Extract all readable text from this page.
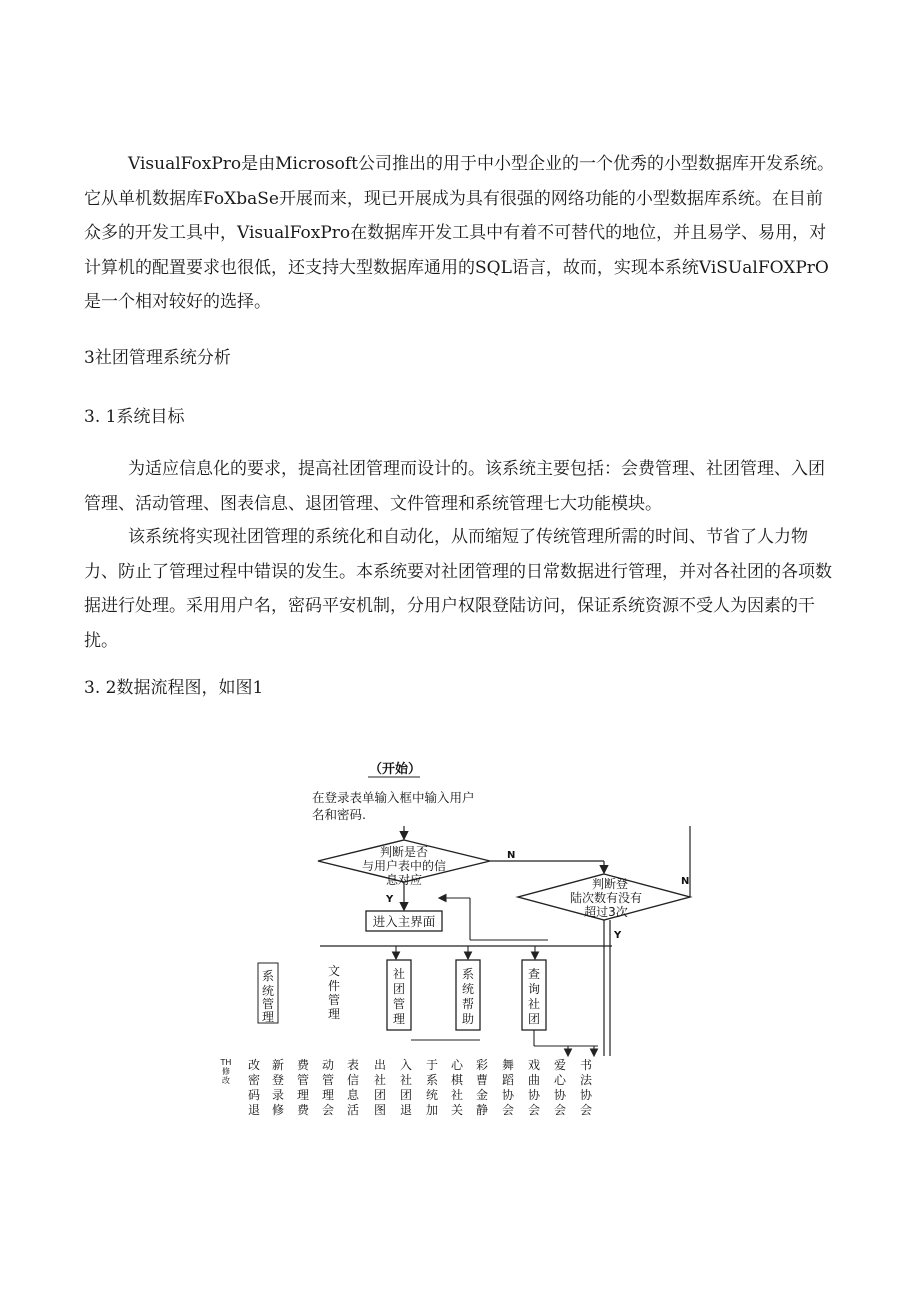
VisualFoxPro是由Microsoft公司推出的用于中小型企业的一个优秀的小型数据库开发系统。它从单机数据库FoXbaSe开展而来，现已开展成为具有很强的网络功能的小型数据库系统。在目前众多的开发工具中，VisualFoxPro在数据库开发工具中有着不可替代的地位，并且易学、易用，对计算机的配置要求也很低，还支持大型数据库通用的SQL语言，故而，实现本系统ViSUalFOXPrO是一个相对较好的选择。

3社团管理系统分析

3. 1系统目标

为适应信息化的要求，提高社团管理而设计的。该系统主要包括：会费管理、社团管理、入团管理、活动管理、图表信息、退团管理、文件管理和系统管理七大功能模块。

该系统将实现社团管理的系统化和自动化，从而缩短了传统管理所需的时间、节省了人力物力、防止了管理过程中错误的发生。本系统要对社团管理的日常数据进行管理，并对各社团的各项数据进行处理。采用用户名，密码平安机制，分用户权限登陆访问，保证系统资源不受人为因素的干扰。

3. 2数据流程图，如图1

（开始）
在登录表单输入框中输入用户
名和密码.
判断是否
与用户表中的信
息对应
N
判断登
陆次数有没有
超过3次
N
Y
Y
进入主界面
系
统
管
理
文
件
管
理
社
团
管
理
系
统
帮
助
查
询
社
团
TH修改
改密码退
新登录修
费管理费
动管理会
表信息活
出社团图
入社团退
于系统加
心棋社关
彩曹金静
舞蹈协会
戏曲协会
爱心协会
书法协会
